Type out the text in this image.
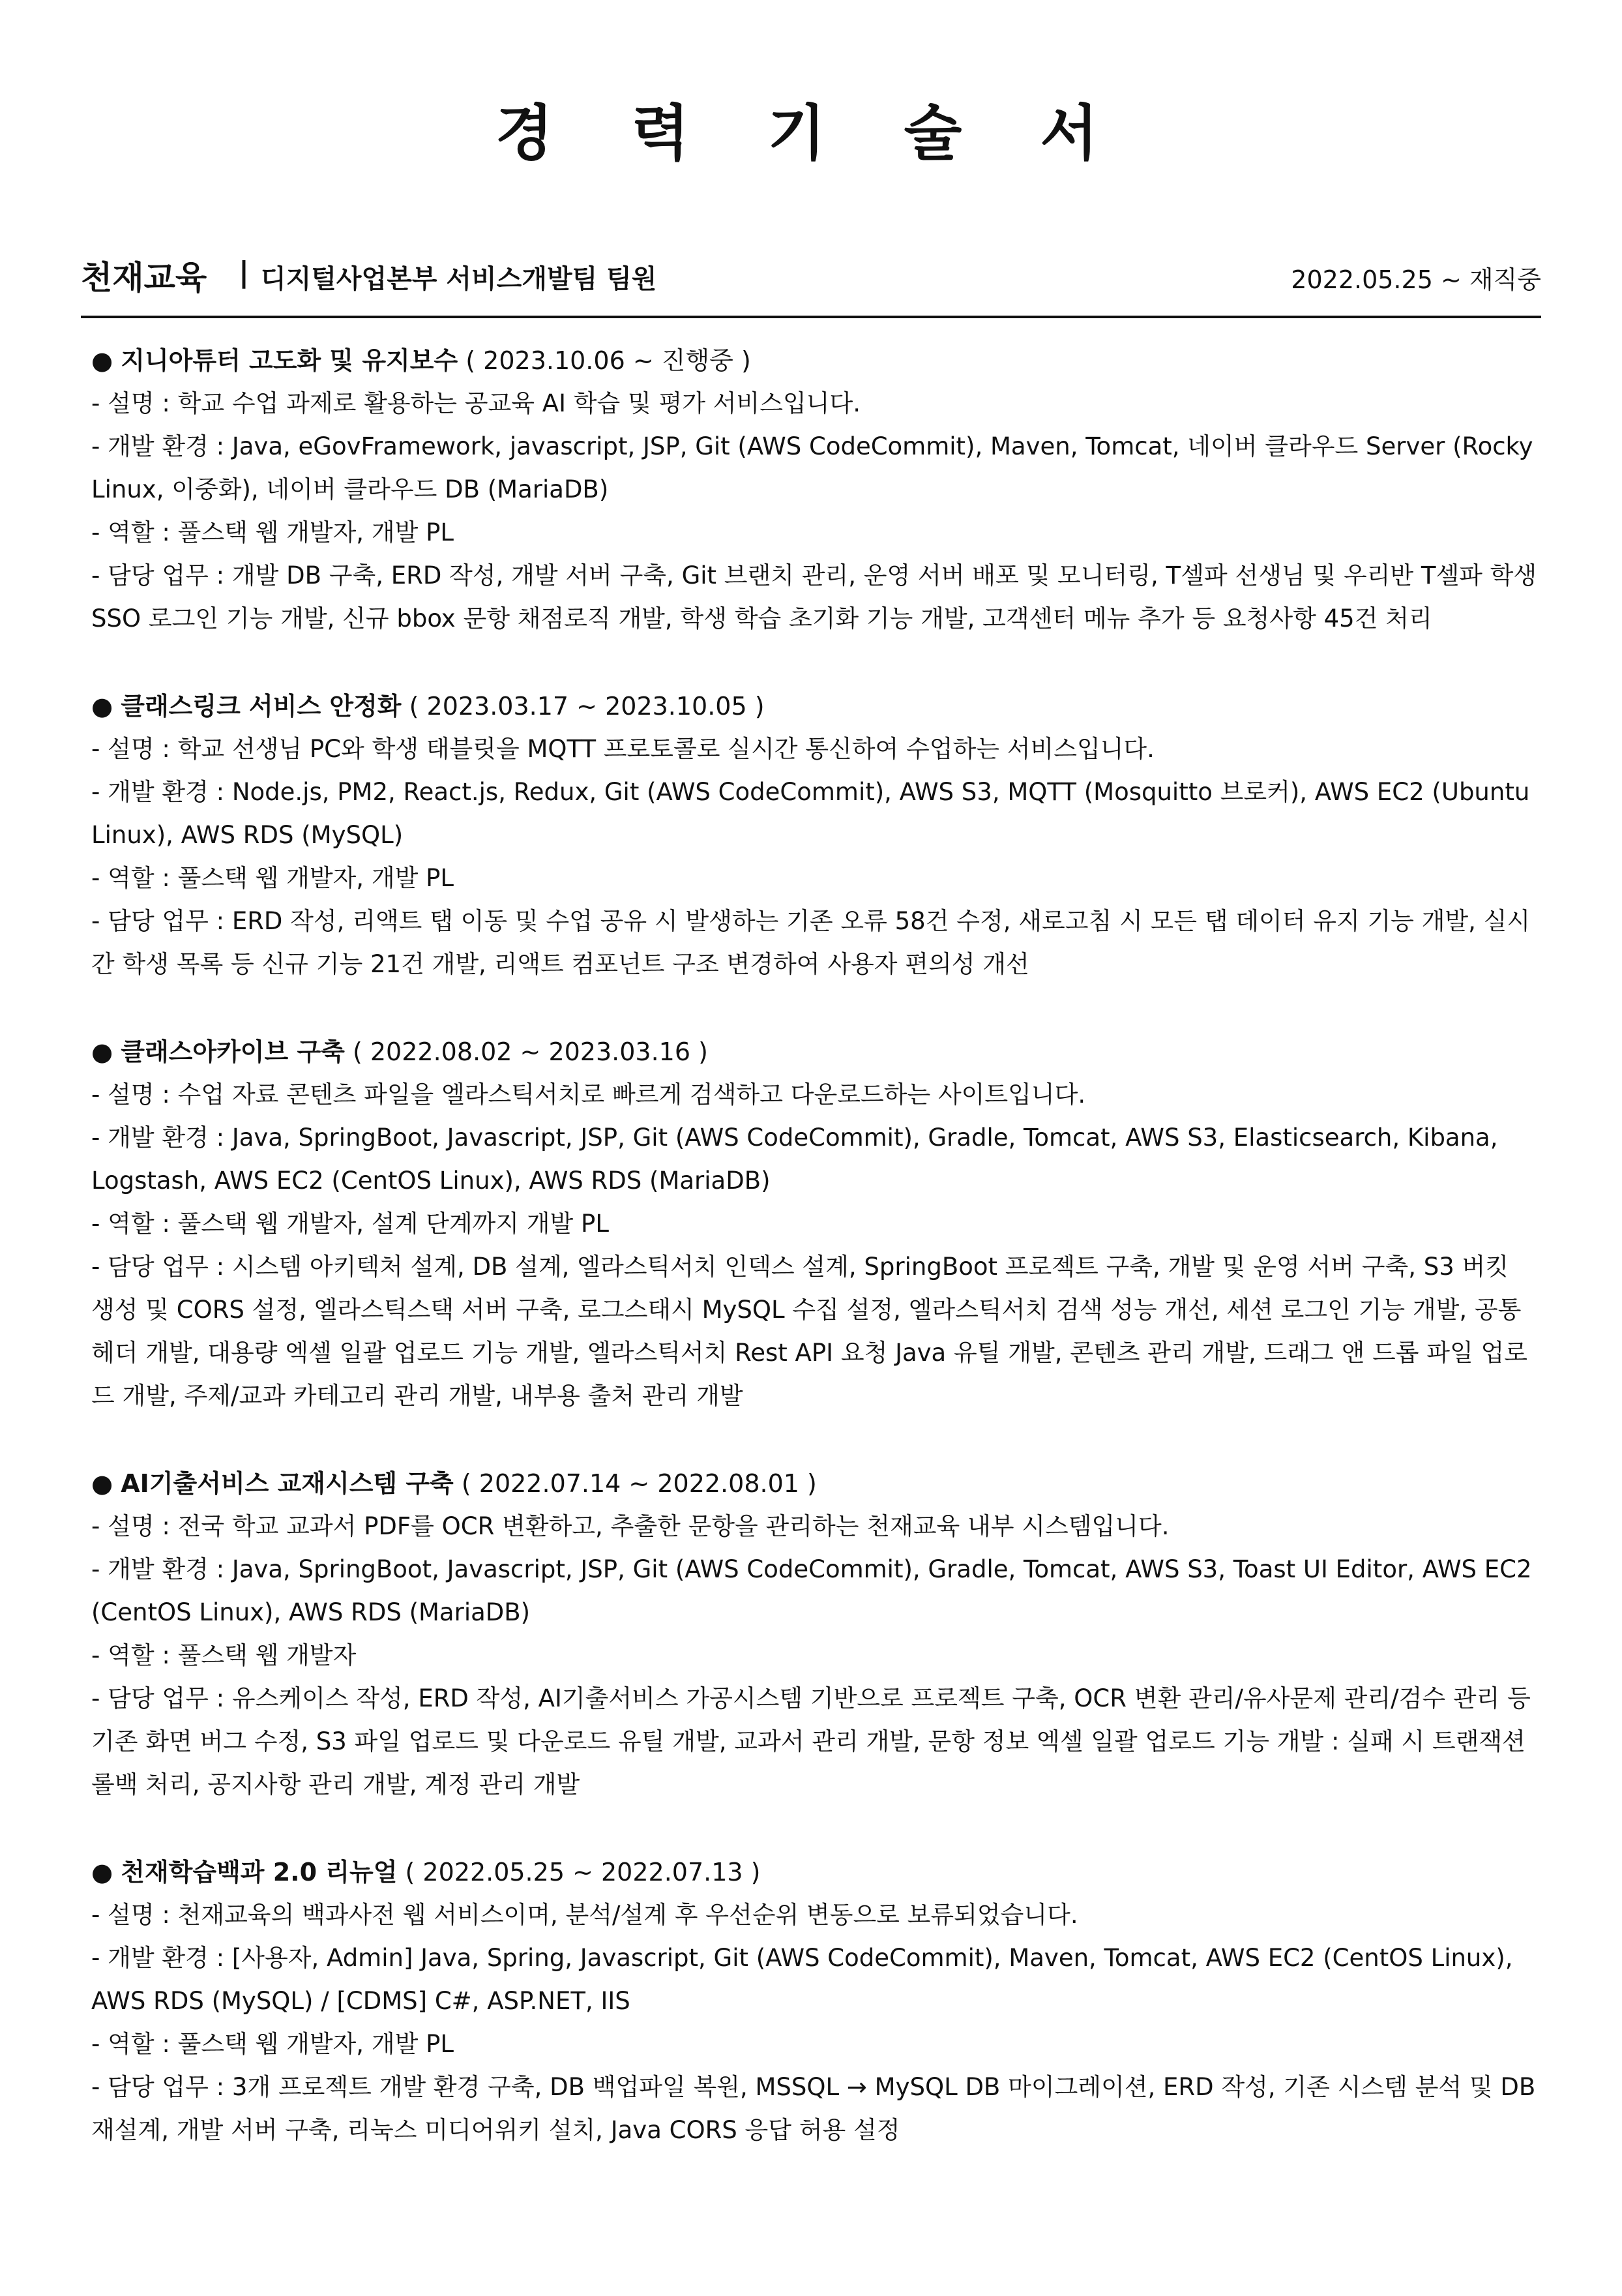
경 력 기 술 서
천재교육 | 디지털사업본부 서비스개발팀 팀원	2022.05.25 ~ 재직중
● 지니아튜터 고도화 및 유지보수 ( 2023.10.06 ~ 진행중 )
- 설명 : 학교 수업 과제로 활용하는 공교육 AI 학습 및 평가 서비스입니다.
- 개발 환경 : Java, eGovFramework, javascript, JSP, Git (AWS CodeCommit), Maven, Tomcat, 네이버 클라우드 Server (Rocky Linux, 이중화), 네이버 클라우드 DB (MariaDB)
- 역할 : 풀스택 웹 개발자, 개발 PL
- 담당 업무 : 개발 DB 구축, ERD 작성, 개발 서버 구축, Git 브랜치 관리, 운영 서버 배포 및 모니터링, T셀파 선생님 및 우리반 T셀파 학생 SSO 로그인 기능 개발, 신규 bbox 문항 채점로직 개발, 학생 학습 초기화 기능 개발, 고객센터 메뉴 추가 등 요청사항 45건 처리
● 클래스링크 서비스 안정화 ( 2023.03.17 ~ 2023.10.05 )
- 설명 : 학교 선생님 PC와 학생 태블릿을 MQTT 프로토콜로 실시간 통신하여 수업하는 서비스입니다.
- 개발 환경 : Node.js, PM2, React.js, Redux, Git (AWS CodeCommit), AWS S3, MQTT (Mosquitto 브로커), AWS EC2 (Ubuntu Linux), AWS RDS (MySQL)
- 역할 : 풀스택 웹 개발자, 개발 PL
- 담당 업무 : ERD 작성, 리액트 탭 이동 및 수업 공유 시 발생하는 기존 오류 58건 수정, 새로고침 시 모든 탭 데이터 유지 기능 개발, 실시간 학생 목록 등 신규 기능 21건 개발, 리액트 컴포넌트 구조 변경하여 사용자 편의성 개선
● 클래스아카이브 구축 ( 2022.08.02 ~ 2023.03.16 )
- 설명 : 수업 자료 콘텐츠 파일을 엘라스틱서치로 빠르게 검색하고 다운로드하는 사이트입니다.
- 개발 환경 : Java, SpringBoot, Javascript, JSP, Git (AWS CodeCommit), Gradle, Tomcat, AWS S3, Elasticsearch, Kibana, Logstash, AWS EC2 (CentOS Linux), AWS RDS (MariaDB)
- 역할 : 풀스택 웹 개발자, 설계 단계까지 개발 PL
- 담당 업무 : 시스템 아키텍처 설계, DB 설계, 엘라스틱서치 인덱스 설계, SpringBoot 프로젝트 구축, 개발 및 운영 서버 구축, S3 버킷 생성 및 CORS 설정, 엘라스틱스택 서버 구축, 로그스태시 MySQL 수집 설정, 엘라스틱서치 검색 성능 개선, 세션 로그인 기능 개발, 공통 헤더 개발, 대용량 엑셀 일괄 업로드 기능 개발, 엘라스틱서치 Rest API 요청 Java 유틸 개발, 콘텐츠 관리 개발, 드래그 앤 드롭 파일 업로드 개발, 주제/교과 카테고리 관리 개발, 내부용 출처 관리 개발
● AI기출서비스 교재시스템 구축 ( 2022.07.14 ~ 2022.08.01 )
- 설명 : 전국 학교 교과서 PDF를 OCR 변환하고, 추출한 문항을 관리하는 천재교육 내부 시스템입니다.
- 개발 환경 : Java, SpringBoot, Javascript, JSP, Git (AWS CodeCommit), Gradle, Tomcat, AWS S3, Toast UI Editor, AWS EC2 (CentOS Linux), AWS RDS (MariaDB)
- 역할 : 풀스택 웹 개발자
- 담당 업무 : 유스케이스 작성, ERD 작성, AI기출서비스 가공시스템 기반으로 프로젝트 구축, OCR 변환 관리/유사문제 관리/검수 관리 등 기존 화면 버그 수정, S3 파일 업로드 및 다운로드 유틸 개발, 교과서 관리 개발, 문항 정보 엑셀 일괄 업로드 기능 개발 : 실패 시 트랜잭션 롤백 처리, 공지사항 관리 개발, 계정 관리 개발
● 천재학습백과 2.0 리뉴얼 ( 2022.05.25 ~ 2022.07.13 )
- 설명 : 천재교육의 백과사전 웹 서비스이며, 분석/설계 후 우선순위 변동으로 보류되었습니다.
- 개발 환경 : [사용자, Admin] Java, Spring, Javascript, Git (AWS CodeCommit), Maven, Tomcat, AWS EC2 (CentOS Linux), AWS RDS (MySQL) / [CDMS] C#, ASP.NET, IIS
- 역할 : 풀스택 웹 개발자, 개발 PL
- 담당 업무 : 3개 프로젝트 개발 환경 구축, DB 백업파일 복원, MSSQL → MySQL DB 마이그레이션, ERD 작성, 기존 시스템 분석 및 DB 재설계, 개발 서버 구축, 리눅스 미디어위키 설치, Java CORS 응답 허용 설정
